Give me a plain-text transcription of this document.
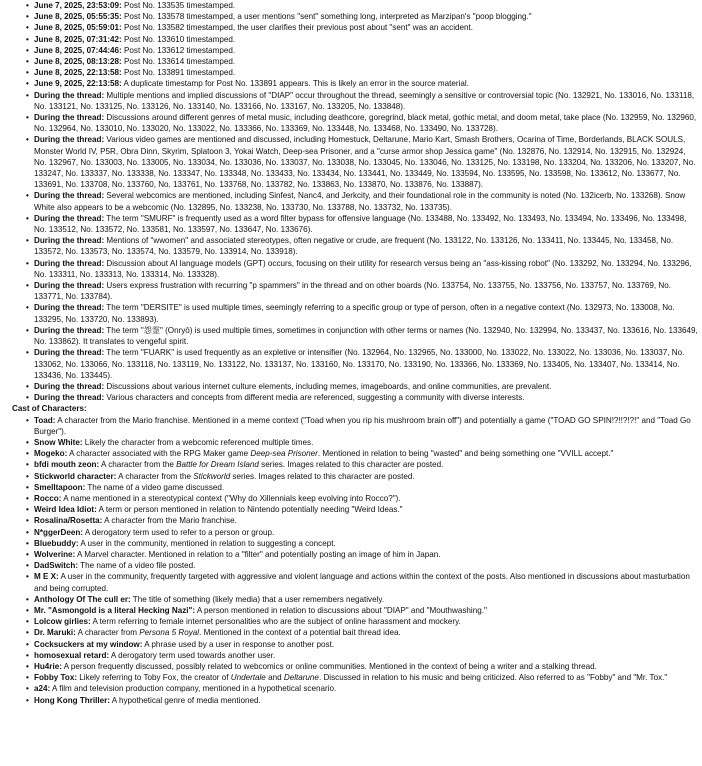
• June 7, 2025, 23:53:09: Post No. 133535 timestamped.
• June 8, 2025, 05:55:35: Post No. 133578 timestamped, a user mentions "sent" something long, interpreted as Marzipan's "poop blogging."
• June 8, 2025, 05:59:01: Post No. 133582 timestamped, the user clarifies their previous post about "sent" was an accident.
• June 8, 2025, 07:31:42: Post No. 133610 timestamped.
• June 8, 2025, 07:44:46: Post No. 133612 timestamped.
• June 8, 2025, 08:13:28: Post No. 133614 timestamped.
• June 8, 2025, 22:13:58: Post No. 133891 timestamped.
• June 9, 2025, 22:13:58: A duplicate timestamp for Post No. 133891 appears. This is likely an error in the source material.
• During the thread: Multiple mentions and implied discussions of "DIAP" occur throughout the thread, seemingly a sensitive or controversial topic (No. 132921, No. 133016, No. 133118, No. 133121, No. 133125, No. 133126, No. 133140, No. 133166, No. 133167, No. 133205, No. 133848).
• During the thread: Discussions around different genres of metal music, including deathcore, goregrind, black metal, gothic metal, and doom metal, take place (No. 132959, No. 132960, No. 132964, No. 133010, No. 133020, No. 133022, No. 133366, No. 133369, No. 133448, No. 133468, No. 133490, No. 133728).
• During the thread: Various video games are mentioned and discussed, including Homestuck, Deltarune, Mario Kart, Smash Brothers, Ocarina of Time, Borderlands, BLACK SOULS, Monster World IV, P5R, Obra Dinn, Skyrim, Splatoon 3, Yokai Watch, Deep-sea Prisoner, and a "curse armor shop Jessica game" (No. 132876, No. 132914, No. 132915, No. 132924, No. 132967, No. 133003, No. 133005, No. 133034, No. 133036, No. 133037, No. 133038, No. 133045, No. 133046, No. 133125, No. 133198, No. 133204, No. 133206, No. 133207, No. 133247, No. 133337, No. 133338, No. 133347, No. 133348, No. 133433, No. 133434, No. 133441, No. 133449, No. 133594, No. 133595, No. 133598, No. 133612, No. 133677, No. 133691, No. 133708, No. 133760, No. 133761, No. 133768, No. 133782, No. 133863, No. 133870, No. 133876, No. 133887).
• During the thread: Several webcomics are mentioned, including Sinfest, Nanc4, and Jerkcity, and their foundational role in the community is noted (No. 132icerb, No. 133268). Snow White also appears to be a webcomic (No. 132895, No. 133238, No. 133730, No. 133788, No. 133732, No. 133735).
• During the thread: The term "SMURF" is frequently used as a word filter bypass for offensive language (No. 133488, No. 133492, No. 133493, No. 133494, No. 133496, No. 133498, No. 133512, No. 133572, No. 133581, No. 133597, No. 133647, No. 133676).
• During the thread: Mentions of "wwomen" and associated stereotypes, often negative or crude, are frequent (No. 133122, No. 133126, No. 133411, No. 133445, No. 133458, No. 133572, No. 133573, No. 133574, No. 133579, No. 133914, No. 133918).
• During the thread: Discussion about AI language models (GPT) occurs, focusing on their utility for research versus being an "ass-kissing robot" (No. 133292, No. 133294, No. 133296, No. 133311, No. 133313, No. 133314, No. 133328).
• During the thread: Users express frustration with recurring "p spammers" in the thread and on other boards (No. 133754, No. 133755, No. 133756, No. 133757, No. 133769, No. 133771, No. 133784).
• During the thread: The term "DERSITE" is used multiple times, seemingly referring to a specific group or type of person, often in a negative context (No. 132973, No. 133008, No. 133295, No. 133720, No. 133893).
• During the thread: The term "怨霊" (Onryō) is used multiple times, sometimes in conjunction with other terms or names (No. 132940, No. 132994, No. 133437, No. 133616, No. 133649, No. 133862). It translates to vengeful spirit.
• During the thread: The term "FUARK" is used frequently as an expletive or intensifier (No. 132964, No. 132965, No. 133000, No. 133022, No. 133022, No. 133036, No. 133037, No. 133062, No. 133066, No. 133118, No. 133119, No. 133122, No. 133137, No. 133160, No. 133170, No. 133190, No. 133366, No. 133369, No. 133405, No. 133407, No. 133414, No. 133436, No. 133445).
• During the thread: Discussions about various internet culture elements, including memes, imageboards, and online communities, are prevalent.
• During the thread: Various characters and concepts from different media are referenced, suggesting a community with diverse interests.
Cast of Characters:
• Toad: A character from the Mario franchise. Mentioned in a meme context ("Toad when you rip his mushroom brain off") and potentially a game ("TOAD GO SPIN!?!!?!?!" and "Toad Go Burger").
• Snow White: Likely the character from a webcomic referenced multiple times.
• Mogeko: A character associated with the RPG Maker game Deep-sea Prisoner. Mentioned in relation to being "wasted" and being something one "VVILL accept."
• bfdi mouth zeon: A character from the Battle for Dream Island series. Images related to this character are posted.
• Stickworld character: A character from the Stickworld series. Images related to this character are posted.
• Smelltapoon: The name of a video game discussed.
• Rocco: A name mentioned in a stereotypical context ("Why do Xillennials keep evolving into Rocco?").
• Weird Idea Idiot: A term or person mentioned in relation to Nintendo potentially needing "Weird Ideas."
• Rosalina/Rosetta: A character from the Mario franchise.
• N*ggerDeen: A derogatory term used to refer to a person or group.
• Bluebuddy: A user in the community, mentioned in relation to suggesting a concept.
• Wolverine: A Marvel character. Mentioned in relation to a "filter" and potentially posting an image of him in Japan.
• DadSwitch: The name of a video file posted.
• M E X: A user in the community, frequently targeted with aggressive and violent language and actions within the context of the posts. Also mentioned in discussions about masturbation and being corrupted.
• Anthology Of The cull er: The title of something (likely media) that a user remembers negatively.
• Mr. "Asmongold is a literal Hecking Nazi": A person mentioned in relation to discussions about "DIAP" and "Mouthwashing."
• Lolcow girlies: A term referring to female internet personalities who are the subject of online harassment and mockery.
• Dr. Maruki: A character from Persona 5 Royal. Mentioned in the context of a potential bait thread idea.
• Cocksuckers at my window: A phrase used by a user in response to another post.
• homosexual retard: A derogatory term used towards another user.
• Hu4rie: A person frequently discussed, possibly related to webcomics or online communities. Mentioned in the context of being a writer and a stalking thread.
• Fobby Tox: Likely referring to Toby Fox, the creator of Undertale and Deltarune. Discussed in relation to his music and being criticized. Also referred to as "Fobby" and "Mr. Tox."
• a24: A film and television production company, mentioned in a hypothetical scenario.
• Hong Kong Thriller: A hypothetical genre of media mentioned.
